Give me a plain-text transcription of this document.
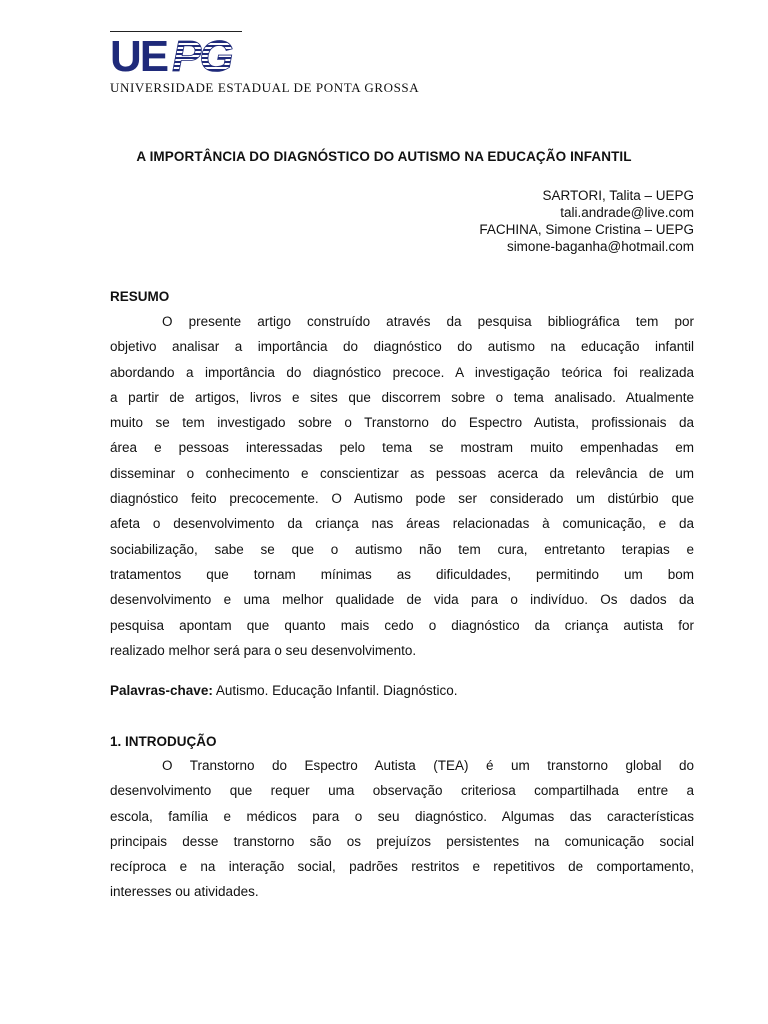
UE PG
UNIVERSIDADE ESTADUAL DE PONTA GROSSA
A IMPORTÂNCIA DO DIAGNÓSTICO DO AUTISMO NA EDUCAÇÃO INFANTIL
SARTORI, Talita – UEPG
tali.andrade@live.com
FACHINA, Simone Cristina – UEPG
simone-baganha@hotmail.com
RESUMO
O presente artigo construído através da pesquisa bibliográfica tem por
objetivo analisar a importância do diagnóstico do autismo na educação infantil
abordando a importância do diagnóstico precoce. A investigação teórica foi realizada
a partir de artigos, livros e sites que discorrem sobre o tema analisado. Atualmente
muito se tem investigado sobre o Transtorno do Espectro Autista, profissionais da
área e pessoas interessadas pelo tema se mostram muito empenhadas em
disseminar o conhecimento e conscientizar as pessoas acerca da relevância de um
diagnóstico feito precocemente. O Autismo pode ser considerado um distúrbio que
afeta o desenvolvimento da criança nas áreas relacionadas à comunicação, e da
sociabilização, sabe se que o autismo não tem cura, entretanto terapias e
tratamentos que tornam mínimas as dificuldades, permitindo um bom
desenvolvimento e uma melhor qualidade de vida para o indivíduo. Os dados da
pesquisa apontam que quanto mais cedo o diagnóstico da criança autista for
realizado melhor será para o seu desenvolvimento.
Palavras-chave: Autismo. Educação Infantil. Diagnóstico.
1. INTRODUÇÃO
O Transtorno do Espectro Autista (TEA) é um transtorno global do
desenvolvimento que requer uma observação criteriosa compartilhada entre a
escola, família e médicos para o seu diagnóstico. Algumas das características
principais desse transtorno são os prejuízos persistentes na comunicação social
recíproca e na interação social, padrões restritos e repetitivos de comportamento,
interesses ou atividades.
